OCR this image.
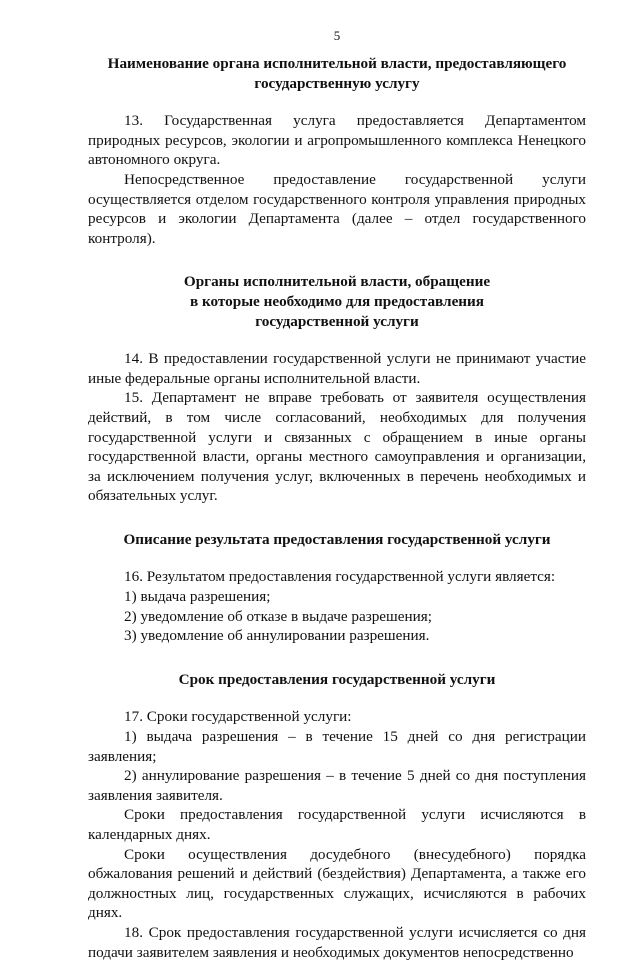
5
Наименование органа исполнительной власти, предоставляющего
государственную услугу

13. Государственная услуга предоставляется Департаментом природных ресурсов, экологии и агропромышленного комплекса Ненецкого автономного округа.

Непосредственное предоставление государственной услуги осуществляется отделом государственного контроля управления природных ресурсов и экологии Департамента (далее – отдел государственного контроля).

Органы исполнительной власти, обращение
в которые необходимо для предоставления
государственной услуги

14. В предоставлении государственной услуги не принимают участие иные федеральные органы исполнительной власти.

15. Департамент не вправе требовать от заявителя осуществления действий, в том числе согласований, необходимых для получения государственной услуги и связанных с обращением в иные органы государственной власти, органы местного самоуправления и организации, за исключением получения услуг, включенных в перечень необходимых и обязательных услуг.

Описание результата предоставления государственной услуги

16. Результатом предоставления государственной услуги является:

1) выдача разрешения;

2) уведомление об отказе в выдаче разрешения;

3) уведомление об аннулировании разрешения.

Срок предоставления государственной услуги

17. Сроки государственной услуги:

1) выдача разрешения – в течение 15 дней со дня регистрации заявления;

2) аннулирование разрешения – в течение 5 дней со дня поступления заявления заявителя.

Сроки предоставления государственной услуги исчисляются в календарных днях.

Сроки осуществления досудебного (внесудебного) порядка обжалования решений и действий (бездействия) Департамента, а также его должностных лиц, государственных служащих, исчисляются в рабочих днях.

18. Срок предоставления государственной услуги исчисляется со дня подачи заявителем заявления и необходимых документов непосредственно
